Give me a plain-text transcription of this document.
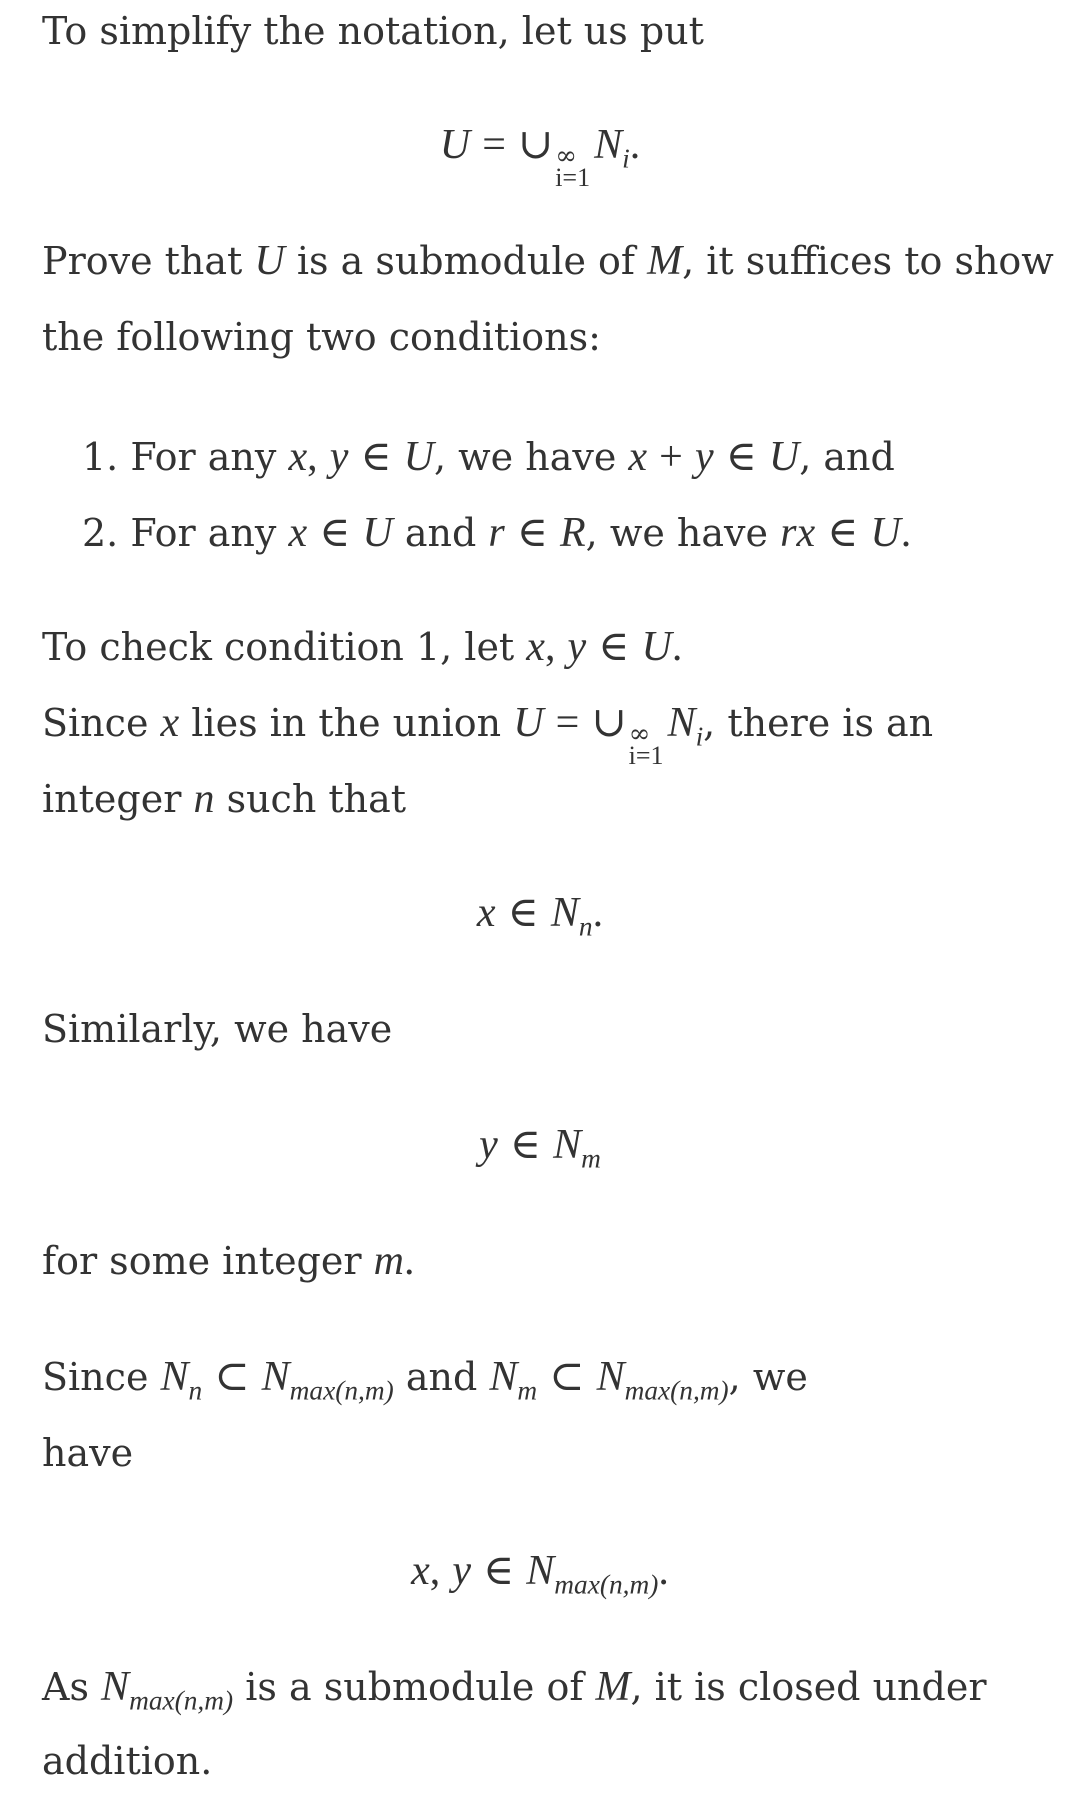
To simplify the notation, let us put
U = ∪ ∞
i=1
$N_i$.
Prove that U is a submodule of M, it suffices to show
the following two conditions:
1. For any x, y ∈ U, we have x + y ∈ U, and
2. For any x ∈ U and r ∈ R, we have rx ∈ U.
To check condition 1, let x, y ∈ U.
Since x lies in the union U = ∪ ∞
i=1
$N_i$, there is an
integer n such that
x ∈ $N_n$.
Similarly, we have
y ∈ $N_m$
for some integer m.
Since $N_n$ ⊂ $N_{max(n,m)}$ and $N_m$ ⊂ $N_{max(n,m)}$, we
have
x, y ∈ $N_{max(n,m)}$.
As $N_{max(n,m)}$ is a submodule of M, it is closed under
addition.
